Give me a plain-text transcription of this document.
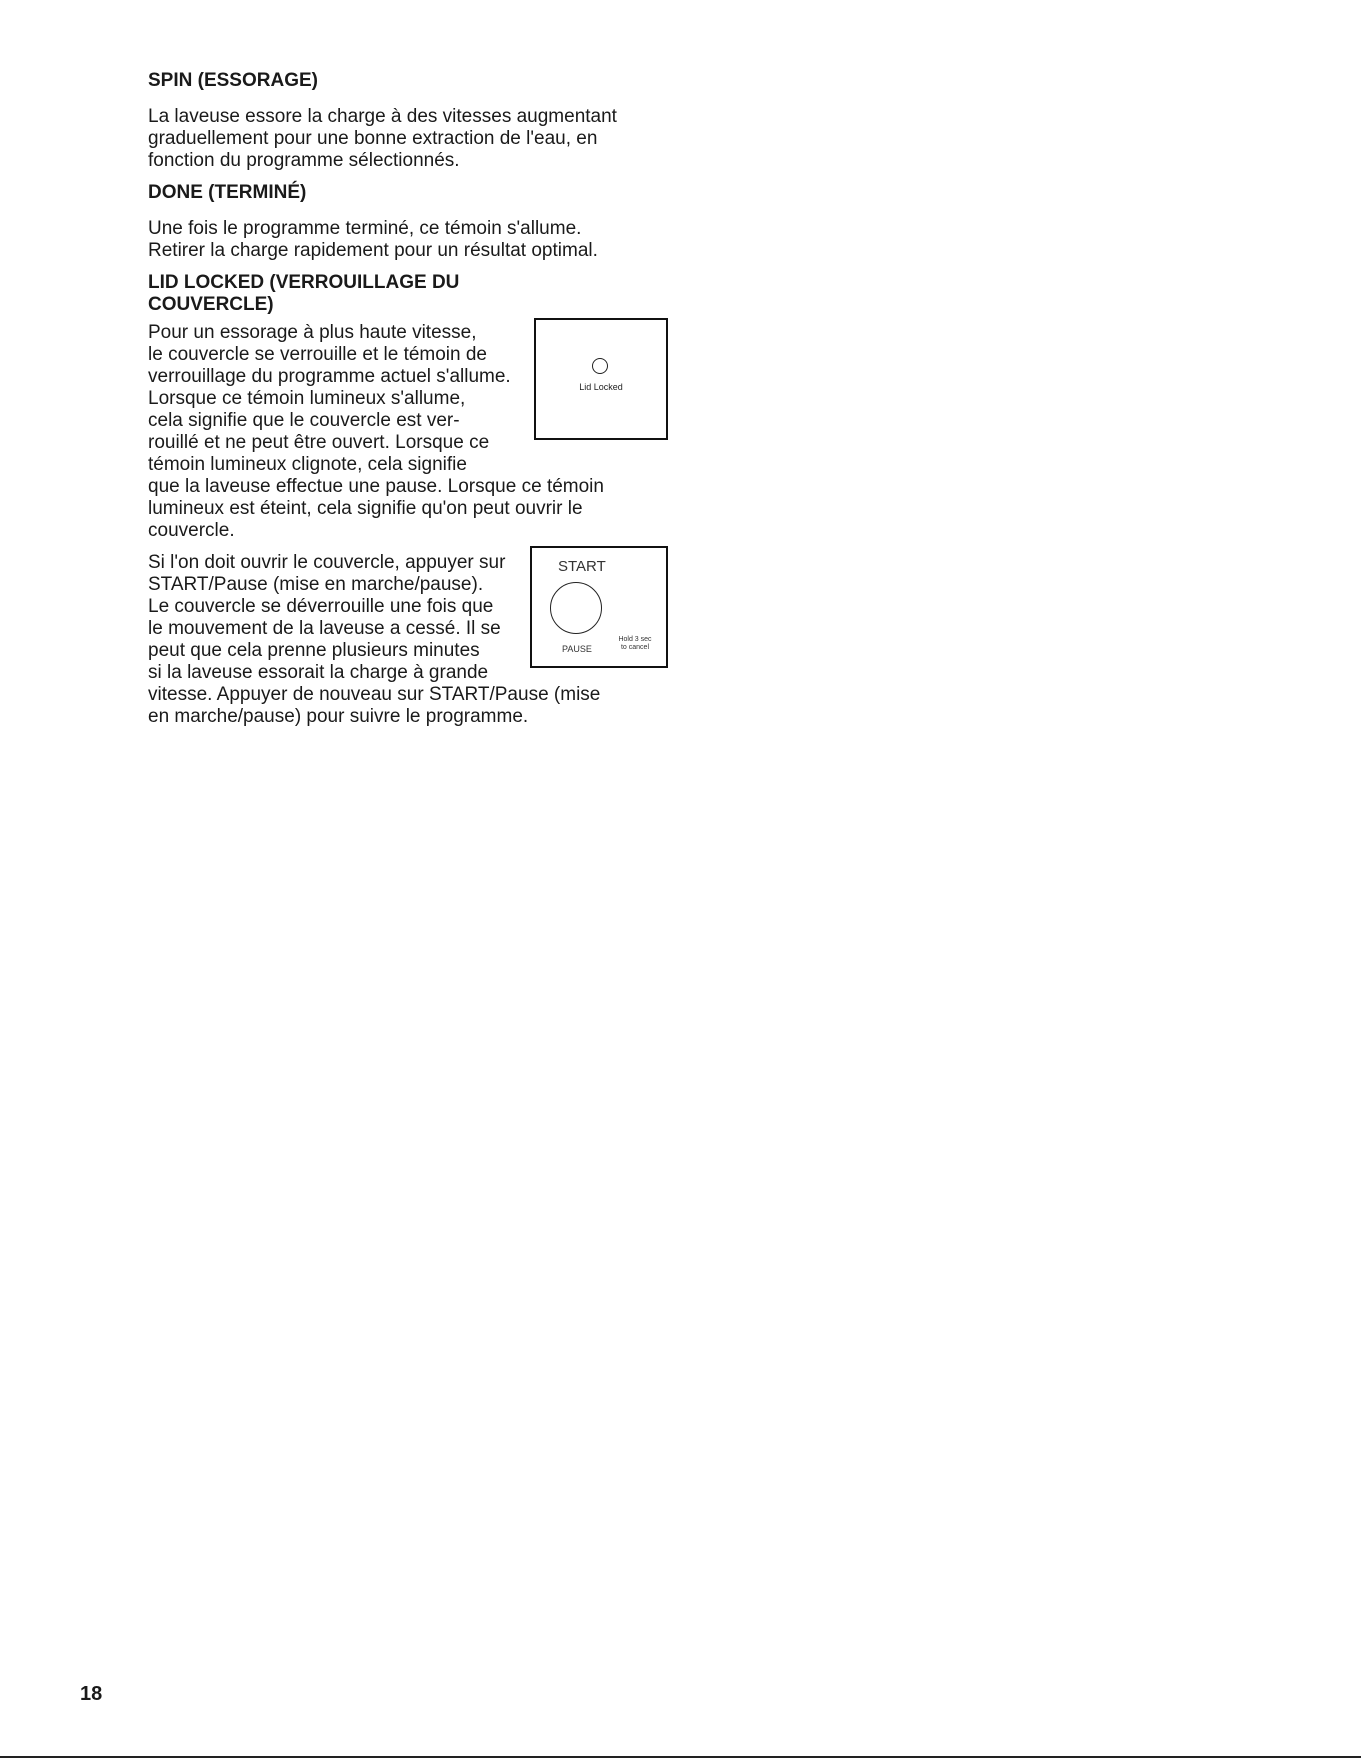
SPIN (ESSORAGE)
La laveuse essore la charge à des vitesses augmentant
graduellement pour une bonne extraction de l'eau, en
fonction du programme sélectionnés.
DONE (TERMINÉ)
Une fois le programme terminé, ce témoin s'allume.
Retirer la charge rapidement pour un résultat optimal.
LID LOCKED (VERROUILLAGE DU
COUVERCLE)
Lid Locked
Pour un essorage à plus haute vitesse,
le couvercle se verrouille et le témoin de
verrouillage du programme actuel s'allume.
Lorsque ce témoin lumineux s'allume,
cela signifie que le couvercle est ver-
rouillé et ne peut être ouvert. Lorsque ce
témoin lumineux clignote, cela signifie
que la laveuse effectue une pause. Lorsque ce témoin
lumineux est éteint, cela signifie qu'on peut ouvrir le
couvercle.
START
PAUSE
Hold 3 sec
to cancel
Si l'on doit ouvrir le couvercle, appuyer sur
START/Pause (mise en marche/pause).
Le couvercle se déverrouille une fois que
le mouvement de la laveuse a cessé. Il se
peut que cela prenne plusieurs minutes
si la laveuse essorait la charge à grande
vitesse. Appuyer de nouveau sur START/Pause (mise
en marche/pause) pour suivre le programme.
18
